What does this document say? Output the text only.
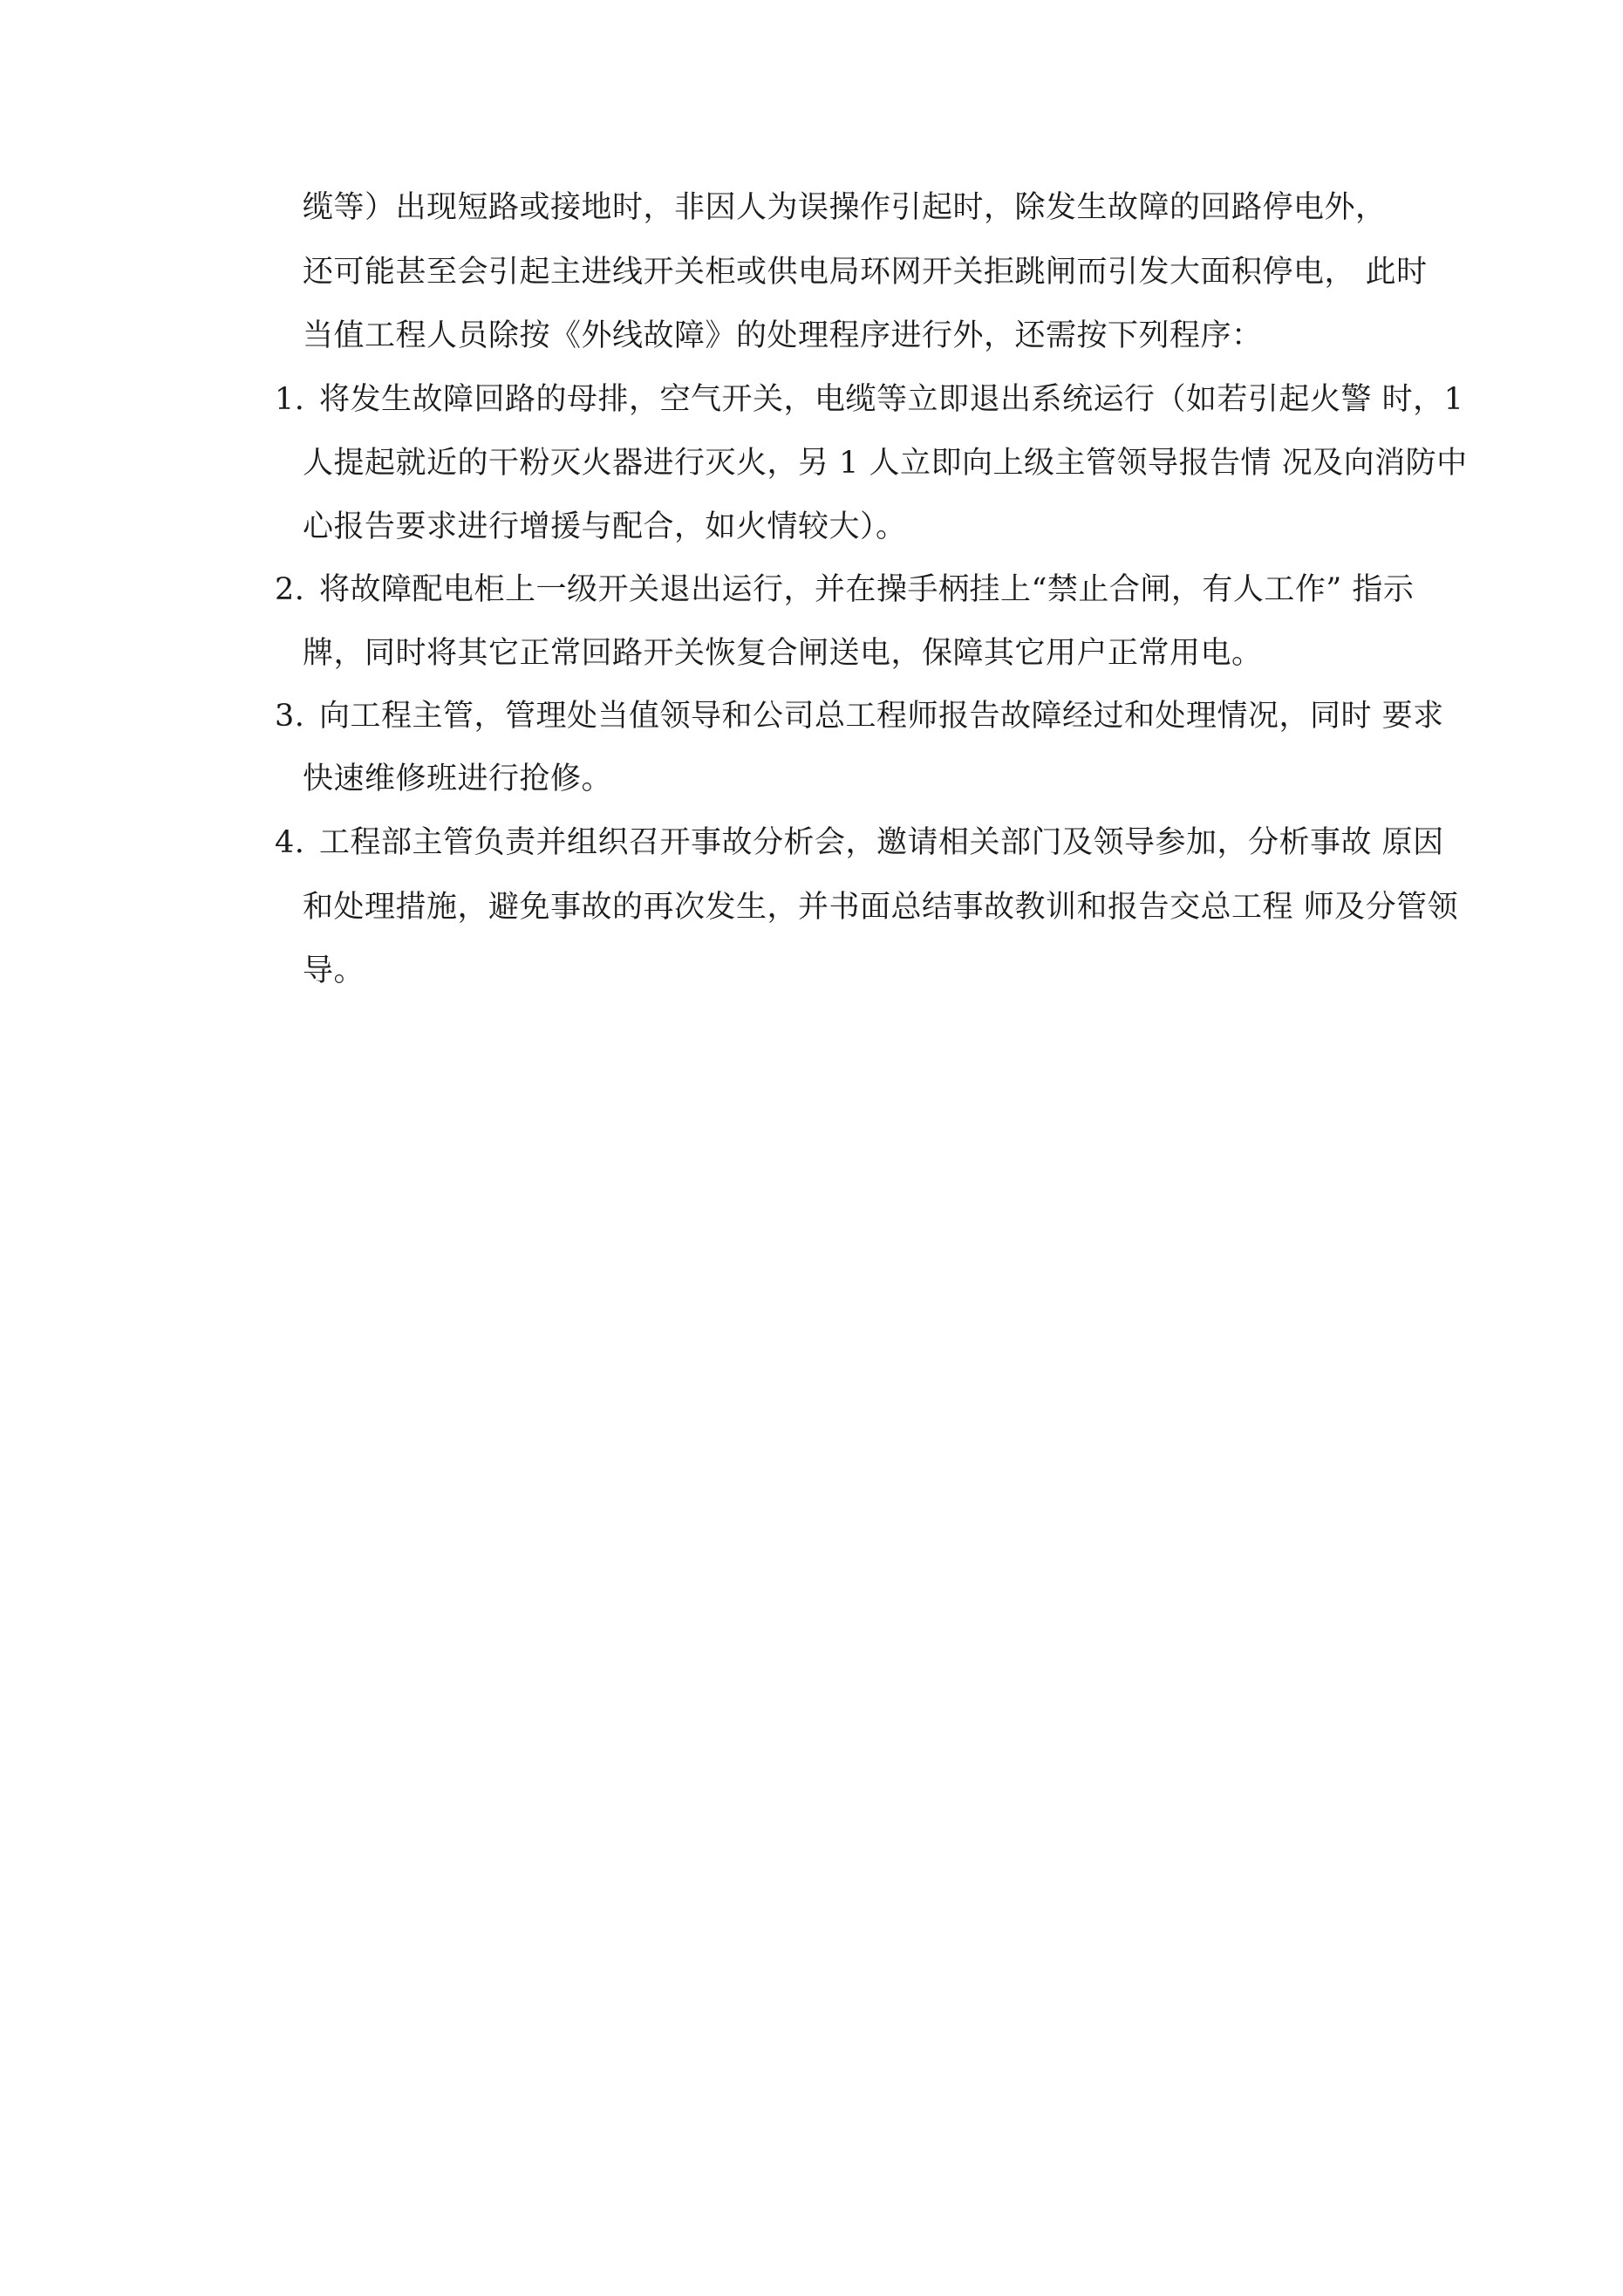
缆等）出现短路或接地时，非因人为误操作引起时，除发生故障的回路停电外，
还可能甚至会引起主进线开关柜或供电局环网开关拒跳闸而引发大面积停电， 此时
当值工程人员除按《外线故障》的处理程序进行外，还需按下列程序：
1. 将发生故障回路的母排，空气开关，电缆等立即退出系统运行（如若引起火警 时，1
人提起就近的干粉灭火器进行灭火，另 1 人立即向上级主管领导报告情 况及向消防中
心报告要求进行增援与配合，如火情较大）。
2. 将故障配电柜上一级开关退出运行，并在操手柄挂上“禁止合闸，有人工作” 指示
牌，同时将其它正常回路开关恢复合闸送电，保障其它用户正常用电。
3. 向工程主管，管理处当值领导和公司总工程师报告故障经过和处理情况，同时 要求
快速维修班进行抢修。
4. 工程部主管负责并组织召开事故分析会，邀请相关部门及领导参加，分析事故 原因
和处理措施，避免事故的再次发生，并书面总结事故教训和报告交总工程 师及分管领
导。
